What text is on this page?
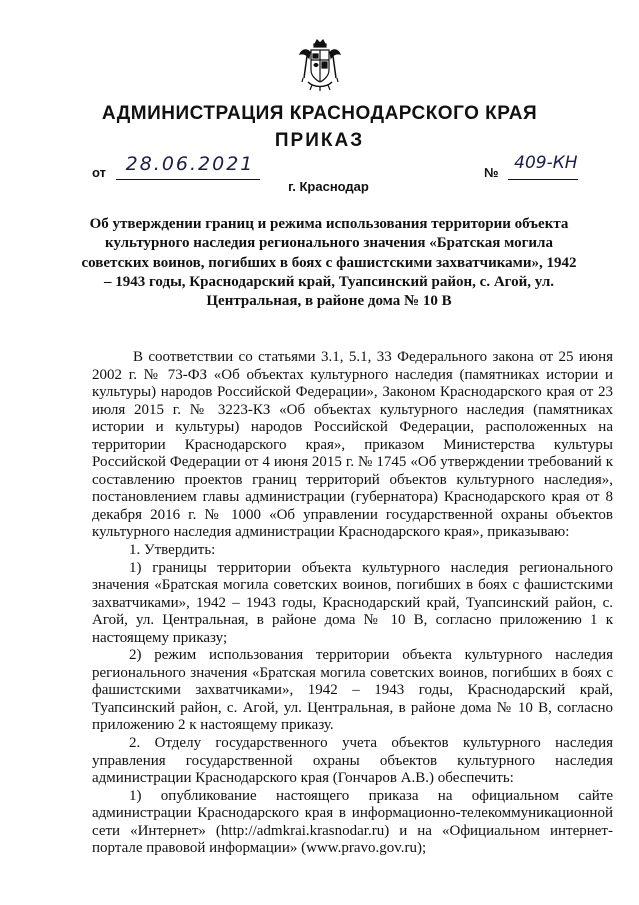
АДМИНИСТРАЦИЯ КРАСНОДАРСКОГО КРАЯ
ПРИКАЗ
от 28.06.2021	№ 409-КН
г. Краснодар

Об утверждении границ и режима использования территории объекта культурного наследия регионального значения «Братская могила советских воинов, погибших в боях с фашистскими захватчиками», 1942 – 1943 годы, Краснодарский край, Туапсинский район, с. Агой, ул. Центральная, в районе дома № 10 В

В соответствии со статьями 3.1, 5.1, 33 Федерального закона от 25 июня 2002 г. № 73-ФЗ «Об объектах культурного наследия (памятниках истории и культуры) народов Российской Федерации», Законом Краснодарского края от 23 июля 2015 г. № 3223-КЗ «Об объектах культурного наследия (памятниках истории и культуры) народов Российской Федерации, расположенных на территории Краснодарского края», приказом Министерства культуры Российской Федерации от 4 июня 2015 г. № 1745 «Об утверждении требований к составлению проектов границ территорий объектов культурного наследия», постановлением главы администрации (губернатора) Краснодарского края от 8 декабря 2016 г. № 1000 «Об управлении государственной охраны объектов культурного наследия администрации Краснодарского края», приказываю:

1. Утвердить:

1) границы территории объекта культурного наследия регионального значения «Братская могила советских воинов, погибших в боях с фашистскими захватчиками», 1942 – 1943 годы, Краснодарский край, Туапсинский район, с. Агой, ул. Центральная, в районе дома № 10 В, согласно приложению 1 к настоящему приказу;

2) режим использования территории объекта культурного наследия регионального значения «Братская могила советских воинов, погибших в боях с фашистскими захватчиками», 1942 – 1943 годы, Краснодарский край, Туапсинский район, с. Агой, ул. Центральная, в районе дома № 10 В, согласно приложению 2 к настоящему приказу.

2. Отделу государственного учета объектов культурного наследия управления государственной охраны объектов культурного наследия администрации Краснодарского края (Гончаров А.В.) обеспечить:

1) опубликование настоящего приказа на официальном сайте администрации Краснодарского края в информационно-телекоммуникационной сети «Интернет» (http://admkrai.krasnodar.ru) и на «Официальном интернет-портале правовой информации» (www.pravo.gov.ru);
